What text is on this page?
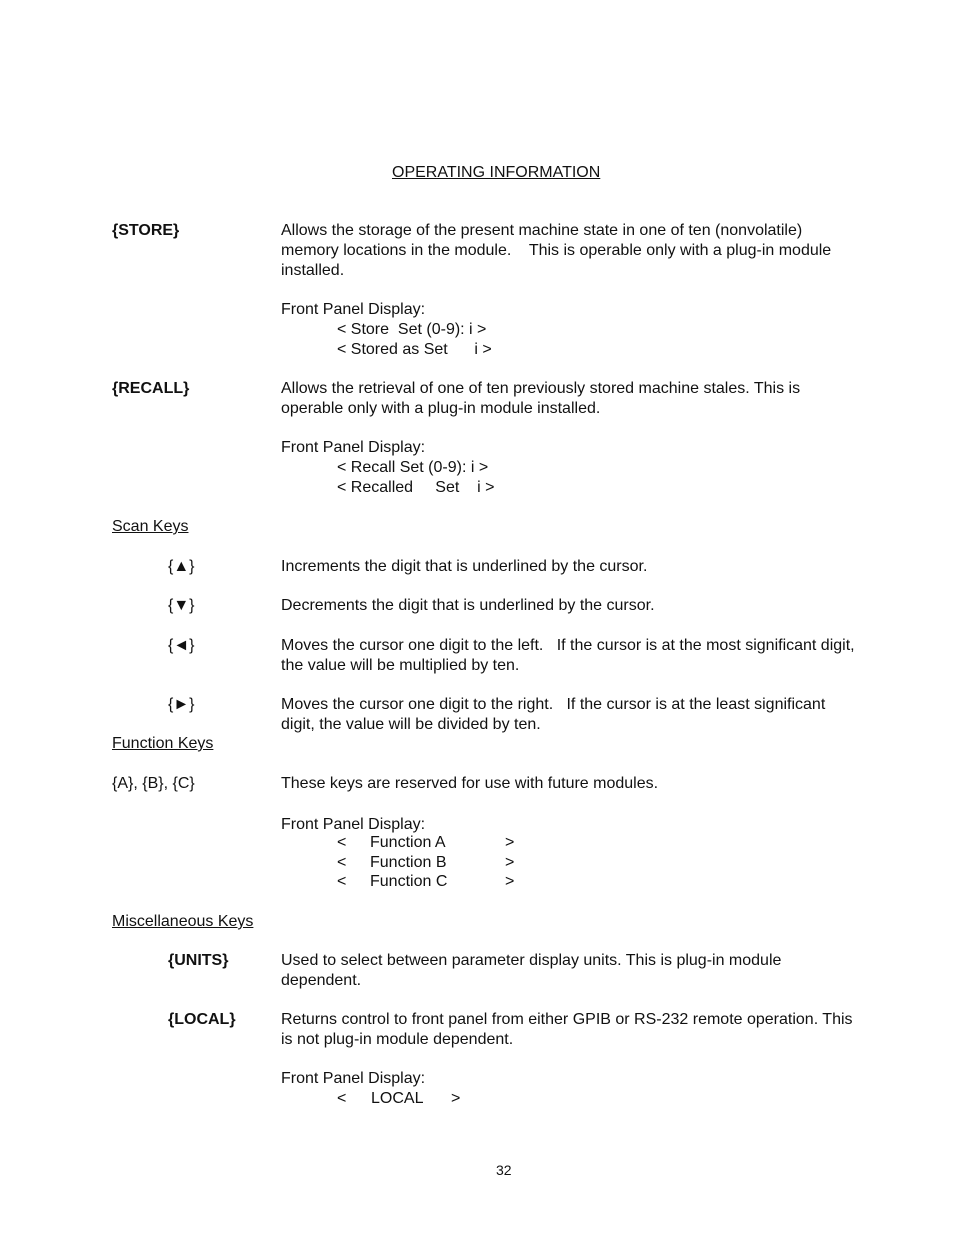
OPERATING INFORMATION
{STORE}	Allows the storage of the present machine state in one of ten (nonvolatile)
memory locations in the module.    This is operable only with a plug-in module
installed.
Front Panel Display:
< Store  Set (0-9): i >
< Stored as Set      i >
{RECALL}	Allows the retrieval of one of ten previously stored machine stales. This is
operable only with a plug-in module installed.
Front Panel Display:
< Recall Set (0-9): i >
< Recalled     Set    i >
Scan Keys
{▲}	Increments the digit that is underlined by the cursor.
{▼}	Decrements the digit that is underlined by the cursor.
{◄}	Moves the cursor one digit to the left.   If the cursor is at the most significant digit,
the value will be multiplied by ten.
{►}	Moves the cursor one digit to the right.   If the cursor is at the least significant
digit, the value will be divided by ten.
Function Keys
{A}, {B}, {C}	These keys are reserved for use with future modules.
Front Panel Display:
< Function A	>
< Function B	>
< Function C	>
Miscellaneous Keys
{UNITS}	Used to select between parameter display units. This is plug-in module
dependent.
{LOCAL}	Returns control to front panel from either GPIB or RS-232 remote operation. This
is not plug-in module dependent.
Front Panel Display:
< LOCAL >
32
